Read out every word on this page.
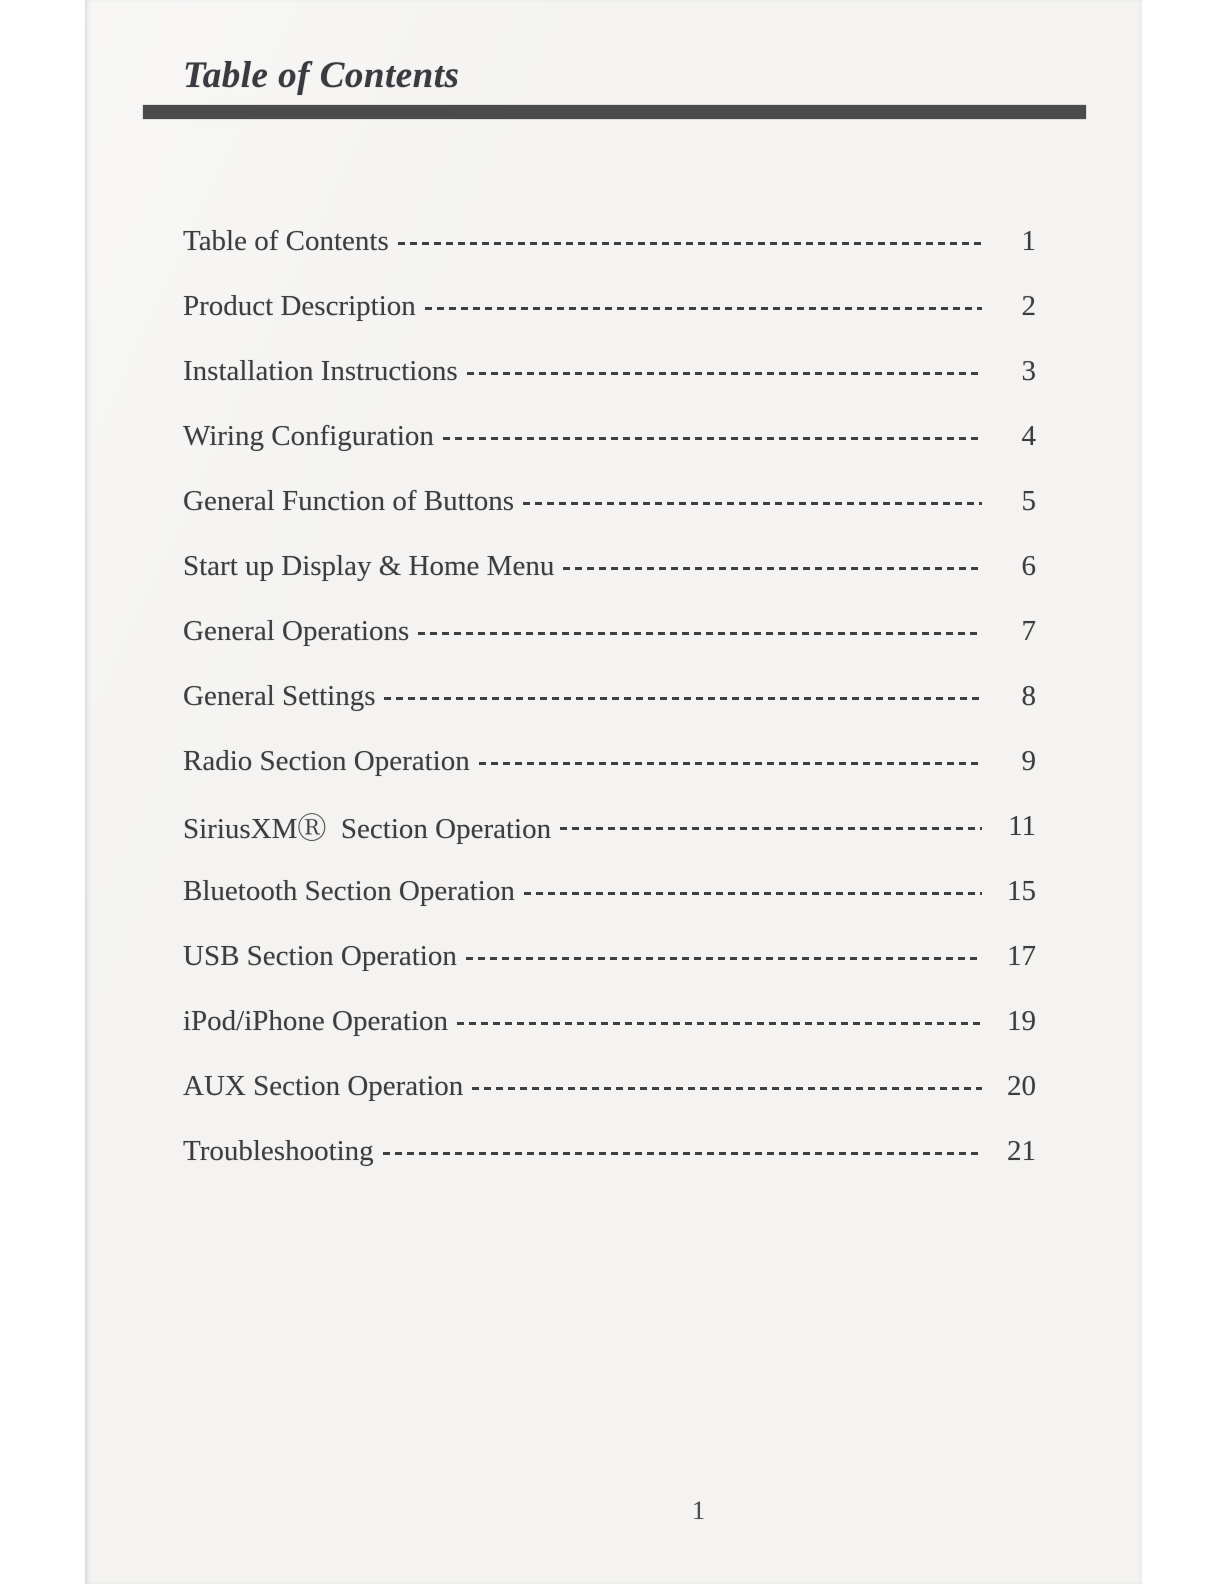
Table of Contents
Table of Contents	1
Product Description	2
Installation Instructions	3
Wiring Configuration	4
General Function of Buttons	5
Start up Display & Home Menu	6
General Operations	7
General Settings	8
Radio Section Operation	9
SiriusXMⓇ  Section Operation	11
Bluetooth Section Operation	15
USB Section Operation	17
iPod/iPhone Operation	19
AUX Section Operation	20
Troubleshooting	21
1
